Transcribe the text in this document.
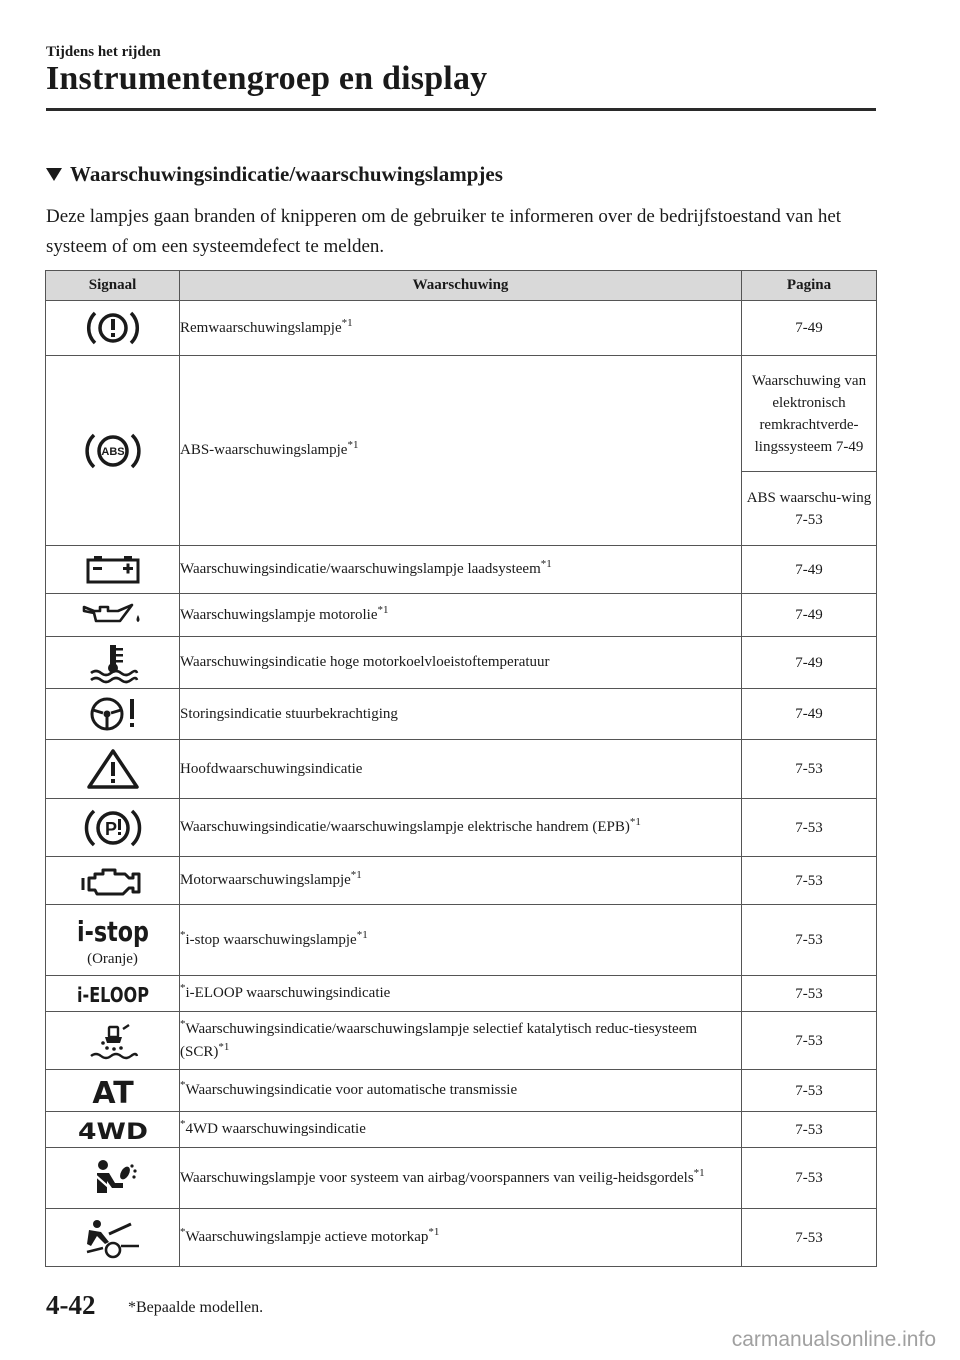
Tijdens het rijden
Instrumentengroep en display
Waarschuwingsindicatie/waarschuwingslampjes
Deze lampjes gaan branden of knipperen om de gebruiker te informeren over de bedrijfstoestand van het systeem of om een systeemdefect te melden.
Signaal	Waarschuwing	Pagina

	Remwaarschuwingslampje$^{*1}$	7-49

ABS	ABS-waarschuwingslampje$^{*1}$	Waarschuwing van elektronisch remkrachtverde-lingssysteem 7-49
		ABS waarschu-wing 7-53

	Waarschuwingsindicatie/waarschuwingslampje laadsysteem$^{*1}$	7-49

	Waarschuwingslampje motorolie$^{*1}$	7-49

	Waarschuwingsindicatie hoge motorkoelvloeistoftemperatuur	7-49

	Storingsindicatie stuurbekrachtiging	7-49

	Hoofdwaarschuwingsindicatie	7-53

P	Waarschuwingsindicatie/waarschuwingslampje elektrische handrem (EPB)$^{*1}$	7-53

	Motorwaarschuwingslampje$^{*1}$	7-53

i-stop
(Oranje)	*i-stop waarschuwingslampje$^{*1}$	7-53

i-ELOOP	*i-ELOOP waarschuwingsindicatie	7-53

	*Waarschuwingsindicatie/waarschuwingslampje selectief katalytisch reduc-tiesysteem (SCR)$^{*1}$	7-53

AT	*Waarschuwingsindicatie voor automatische transmissie	7-53

4WD	*4WD waarschuwingsindicatie	7-53

	Waarschuwingslampje voor systeem van airbag/voorspanners van veilig-heidsgordels$^{*1}$	7-53

	*Waarschuwingslampje actieve motorkap$^{*1}$	7-53
4-42 *Bepaalde modellen.
carmanualsonline.info
